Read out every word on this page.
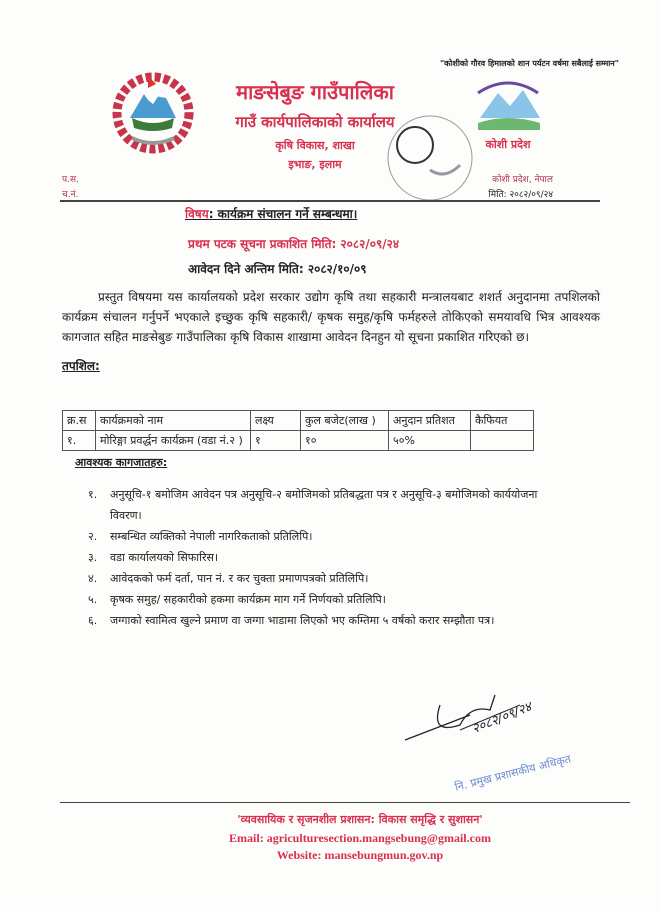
"कोशीको गौरव हिमालको शान पर्यटन वर्षमा सबैलाई सम्मान"
माङसेबुङ गाउँपालिका
गाउँ कार्यपालिकाको कार्यालय
कृषि विकास, शाखा
इभाङ, इलाम
कोशी प्रदेश
प.स.
च.नं.
कोशी प्रदेश, नेपाल
मिति: २०८२/०९/२४
विषय: कार्यक्रम संचालन गर्ने सम्बन्धमा।
प्रथम पटक सूचना प्रकाशित मिति: २०८२/०९/२४
आवेदन दिने अन्तिम मिति: २०८२/१०/०९
प्रस्तुत विषयमा यस कार्यालयको प्रदेश सरकार उद्योग कृषि तथा सहकारी मन्त्रालयबाट शशर्त अनुदानमा तपशिलको कार्यक्रम संचालन गर्नुपर्ने भएकाले इच्छुक कृषि सहकारी/ कृषक समुह/कृषि फर्महरुले तोकिएको समयावधि भित्र आवश्यक कागजात सहित माङसेबुङ गाउँपालिका कृषि विकास शाखामा आवेदन दिनहुन यो सूचना प्रकाशित गरिएको छ।
तपशिल:
क्र.स	कार्यक्रमको नाम	लक्ष्य	कुल बजेट(लाख )	अनुदान प्रतिशत	कैफियत
१.	मोरिङ्गा प्रवर्द्धन कार्यक्रम (वडा नं.२ )	१	१०	५०%	
आवश्यक कागजातहरु:
१.	अनुसूचि-१ बमोजिम आवेदन पत्र अनुसूचि-२ बमोजिमको प्रतिबद्धता पत्र र अनुसूचि-३ बमोजिमको कार्ययोजना विवरण।
२.	सम्बन्धित व्यक्तिको नेपाली नागरिकताको प्रतिलिपि।
३.	वडा कार्यालयको सिफारिस।
४.	आवेदकको फर्म दर्ता, पान नं. र कर चुक्ता प्रमाणपत्रको प्रतिलिपि।
५.	कृषक समुह/ सहकारीको हकमा कार्यक्रम माग गर्ने निर्णयको प्रतिलिपि।
६.	जग्गाको स्वामित्व खुल्ने प्रमाण वा जग्गा भाडामा लिएको भए कम्तिमा ५ वर्षको करार सम्झौता पत्र।
२०८२/०९/२४
नि. प्रमुख प्रशासकीय अधिकृत
'व्यवसायिक र सृजनशील प्रशासन: विकास समृद्धि र सुशासन'
Email: agriculturesection.mangsebung@gmail.com
Website: mansebungmun.gov.np
